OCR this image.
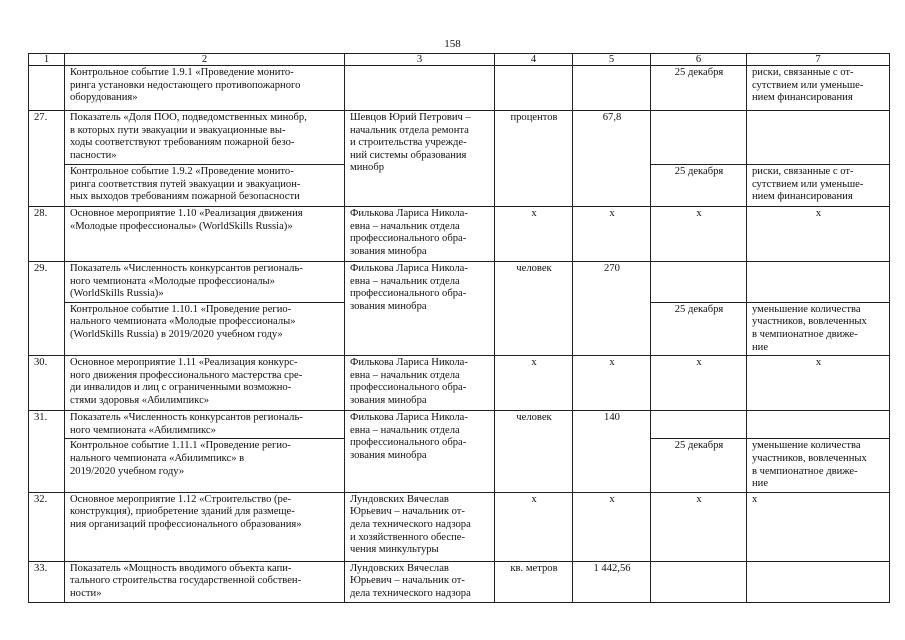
158
1	2	3	4	5	6	7
	Контрольное событие 1.9.1 «Проведение монито-
ринга установки недостающего противопожарного
оборудования»				25 декабря	риски, связанные с от-
сутствием или уменьше-
нием финансирования
27.	Показатель «Доля ПОО, подведомственных минобр,
в которых пути эвакуации и эвакуационные вы-
ходы соответствуют требованиям пожарной безо-
пасности»	Шевцов Юрий Петрович –
начальник отдела ремонта
и строительства учрежде-
ний системы образования
минобр	процентов	67,8		
	Контрольное событие 1.9.2 «Проведение монито-
ринга соответствия путей эвакуации и эвакуацион-
ных выходов требованиям пожарной безопасности				25 декабря	риски, связанные с от-
сутствием или уменьше-
нием финансирования
28.	Основное мероприятие 1.10 «Реализация движения
«Молодые профессионалы» (WorldSkills Russia)»	Филькова Лариса Никола-
евна – начальник отдела
профессионального обра-
зования минобра	х	х	х	х
29.	Показатель «Численность конкурсантов региональ-
ного чемпионата «Молодые профессионалы»
(WorldSkills Russia)»	Филькова Лариса Никола-
евна – начальник отдела
профессионального обра-
зования минобра	человек	270		
	Контрольное событие 1.10.1 «Проведение регио-
нального чемпионата «Молодые профессионалы»
(WorldSkills Russia) в 2019/2020 учебном году»				25 декабря	уменьшение количества
участников, вовлеченных
в чемпионатное движе-
ние
30.	Основное мероприятие 1.11 «Реализация конкурс-
ного движения профессионального мастерства сре-
ди инвалидов и лиц с ограниченными возможно-
стями здоровья «Абилимпикс»	Филькова Лариса Никола-
евна – начальник отдела
профессионального обра-
зования минобра	х	х	х	х
31.	Показатель «Численность конкурсантов региональ-
ного чемпионата «Абилимпикс»	Филькова Лариса Никола-
евна – начальник отдела
профессионального обра-
зования минобра	человек	140		
	Контрольное событие 1.11.1 «Проведение регио-
нального чемпионата «Абилимпикс» в
2019/2020 учебном году»				25 декабря	уменьшение количества
участников, вовлеченных
в чемпионатное движе-
ние
32.	Основное мероприятие 1.12 «Строительство (ре-
конструкция), приобретение зданий для размеще-
ния организаций профессионального образования»	Лундовских Вячеслав
Юрьевич – начальник от-
дела технического надзора
и хозяйственного обеспе-
чения минкультуры	х	х	х	х
33.	Показатель «Мощность вводимого объекта капи-
тального строительства государственной собствен-
ности»	Лундовских Вячеслав
Юрьевич – начальник от-
дела технического надзора	кв. метров	1 442,56		
